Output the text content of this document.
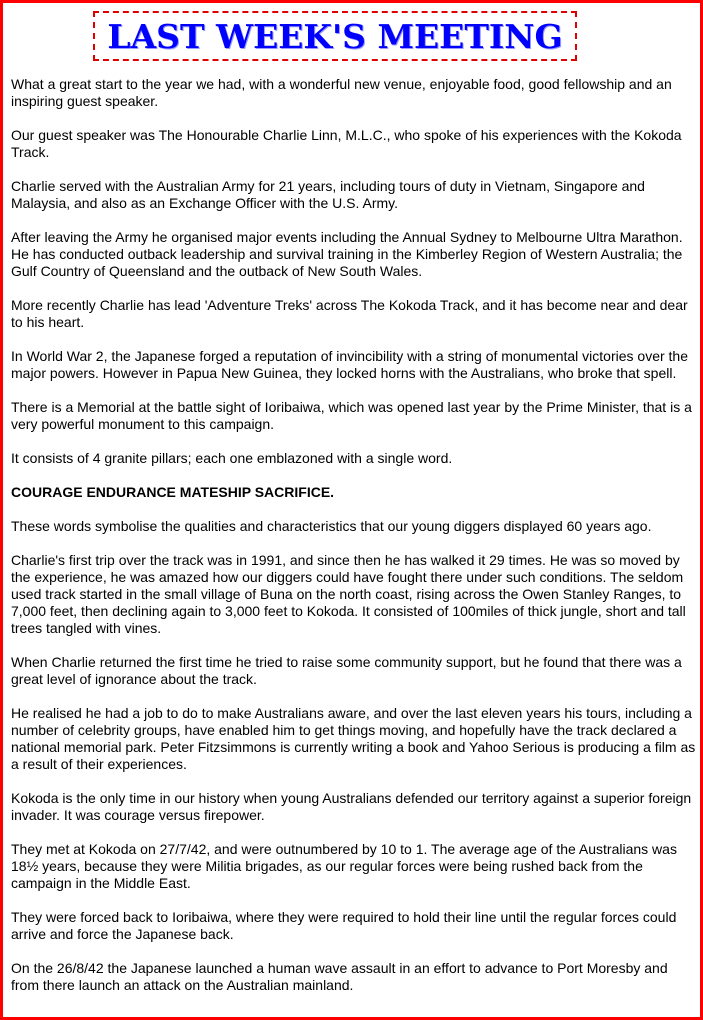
LAST WEEK'S MEETING

What a great start to the year we had, with a wonderful new venue, enjoyable food, good fellowship and an inspiring guest speaker.

Our guest speaker was The Honourable Charlie Linn, M.L.C., who spoke of his experiences with the Kokoda Track.

Charlie served with the Australian Army for 21 years, including tours of duty in Vietnam, Singapore and Malaysia, and also as an Exchange Officer with the U.S. Army.

After leaving the Army he organised major events including the Annual Sydney to Melbourne Ultra Marathon. He has conducted outback leadership and survival training in the Kimberley Region of Western Australia; the Gulf Country of Queensland and the outback of New South Wales.

More recently Charlie has lead 'Adventure Treks' across The Kokoda Track, and it has become near and dear to his heart.

In World War 2, the Japanese forged a reputation of invincibility with a string of monumental victories over the major powers. However in Papua New Guinea, they locked horns with the Australians, who broke that spell.

There is a Memorial at the battle sight of Ioribaiwa, which was opened last year by the Prime Minister, that is a very powerful monument to this campaign.

It consists of 4 granite pillars; each one emblazoned with a single word.

COURAGE ENDURANCE MATESHIP SACRIFICE.

These words symbolise the qualities and characteristics that our young diggers displayed 60 years ago.

Charlie's first trip over the track was in 1991, and since then he has walked it 29 times. He was so moved by the experience, he was amazed how our diggers could have fought there under such conditions. The seldom used track started in the small village of Buna on the north coast, rising across the Owen Stanley Ranges, to 7,000 feet, then declining again to 3,000 feet to Kokoda. It consisted of 100miles of thick jungle, short and tall trees tangled with vines.

When Charlie returned the first time he tried to raise some community support, but he found that there was a great level of ignorance about the track.

He realised he had a job to do to make Australians aware, and over the last eleven years his tours, including a number of celebrity groups, have enabled him to get things moving, and hopefully have the track declared a national memorial park. Peter Fitzsimmons is currently writing a book and Yahoo Serious is producing a film as a result of their experiences.

Kokoda is the only time in our history when young Australians defended our territory against a superior foreign invader. It was courage versus firepower.

They met at Kokoda on 27/7/42, and were outnumbered by 10 to 1. The average age of the Australians was 18½ years, because they were Militia brigades, as our regular forces were being rushed back from the campaign in the Middle East.

They were forced back to Ioribaiwa, where they were required to hold their line until the regular forces could arrive and force the Japanese back.

On the 26/8/42 the Japanese launched a human wave assault in an effort to advance to Port Moresby and from there launch an attack on the Australian mainland.
